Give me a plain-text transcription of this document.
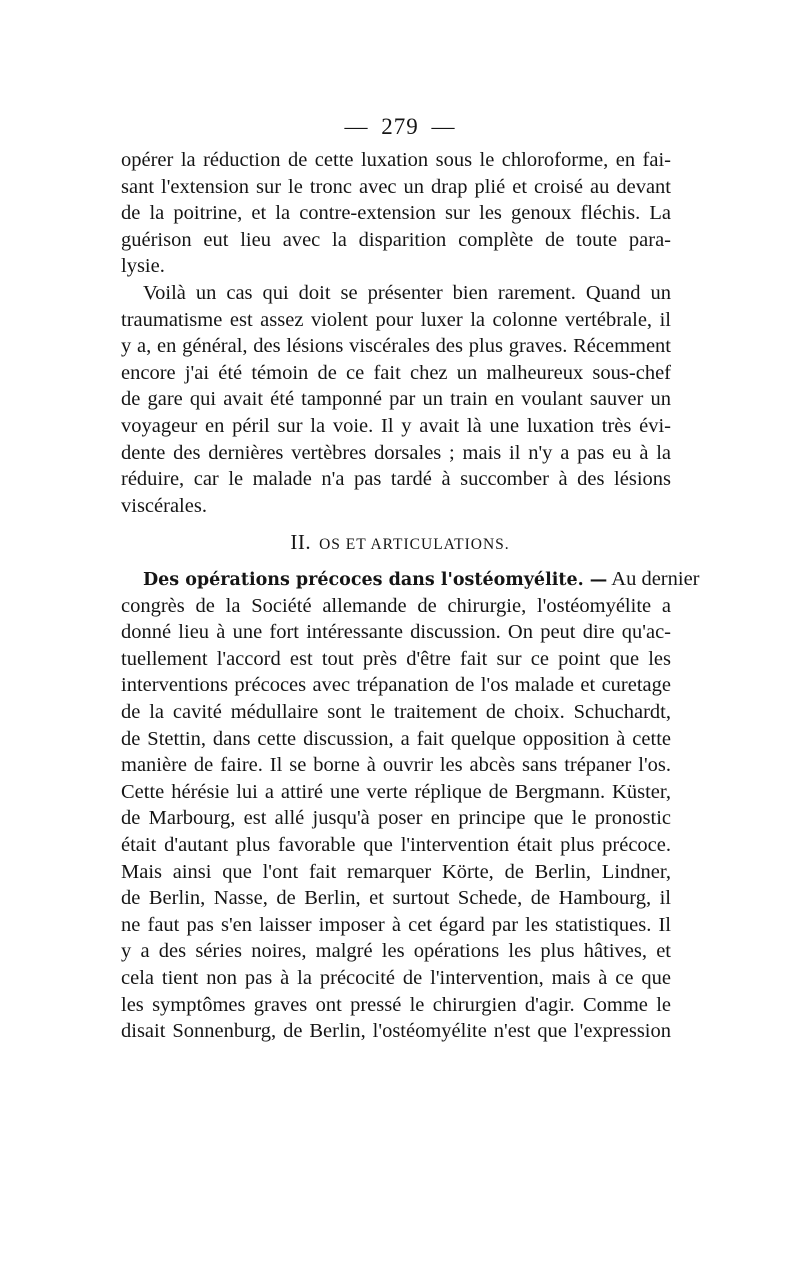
— 279 —
opérer la réduction de cette luxation sous le chloroforme, en fai-
sant l'extension sur le tronc avec un drap plié et croisé au devant
de la poitrine, et la contre-extension sur les genoux fléchis. La
guérison eut lieu avec la disparition complète de toute para-
lysie.
Voilà un cas qui doit se présenter bien rarement. Quand un
traumatisme est assez violent pour luxer la colonne vertébrale, il
y a, en général, des lésions viscérales des plus graves. Récemment
encore j'ai été témoin de ce fait chez un malheureux sous-chef
de gare qui avait été tamponné par un train en voulant sauver un
voyageur en péril sur la voie. Il y avait là une luxation très évi-
dente des dernières vertèbres dorsales ; mais il n'y a pas eu à la
réduire, car le malade n'a pas tardé à succomber à des lésions
viscérales.
II. OS ET ARTICULATIONS.
Des opérations précoces dans l'ostéomyélite. — Au dernier
congrès de la Société allemande de chirurgie, l'ostéomyélite a
donné lieu à une fort intéressante discussion. On peut dire qu'ac-
tuellement l'accord est tout près d'être fait sur ce point que les
interventions précoces avec trépanation de l'os malade et curetage
de la cavité médullaire sont le traitement de choix. Schuchardt,
de Stettin, dans cette discussion, a fait quelque opposition à cette
manière de faire. Il se borne à ouvrir les abcès sans trépaner l'os.
Cette hérésie lui a attiré une verte réplique de Bergmann. Küster,
de Marbourg, est allé jusqu'à poser en principe que le pronostic
était d'autant plus favorable que l'intervention était plus précoce.
Mais ainsi que l'ont fait remarquer Körte, de Berlin, Lindner,
de Berlin, Nasse, de Berlin, et surtout Schede, de Hambourg, il
ne faut pas s'en laisser imposer à cet égard par les statistiques. Il
y a des séries noires, malgré les opérations les plus hâtives, et
cela tient non pas à la précocité de l'intervention, mais à ce que
les symptômes graves ont pressé le chirurgien d'agir. Comme le
disait Sonnenburg, de Berlin, l'ostéomyélite n'est que l'expression
